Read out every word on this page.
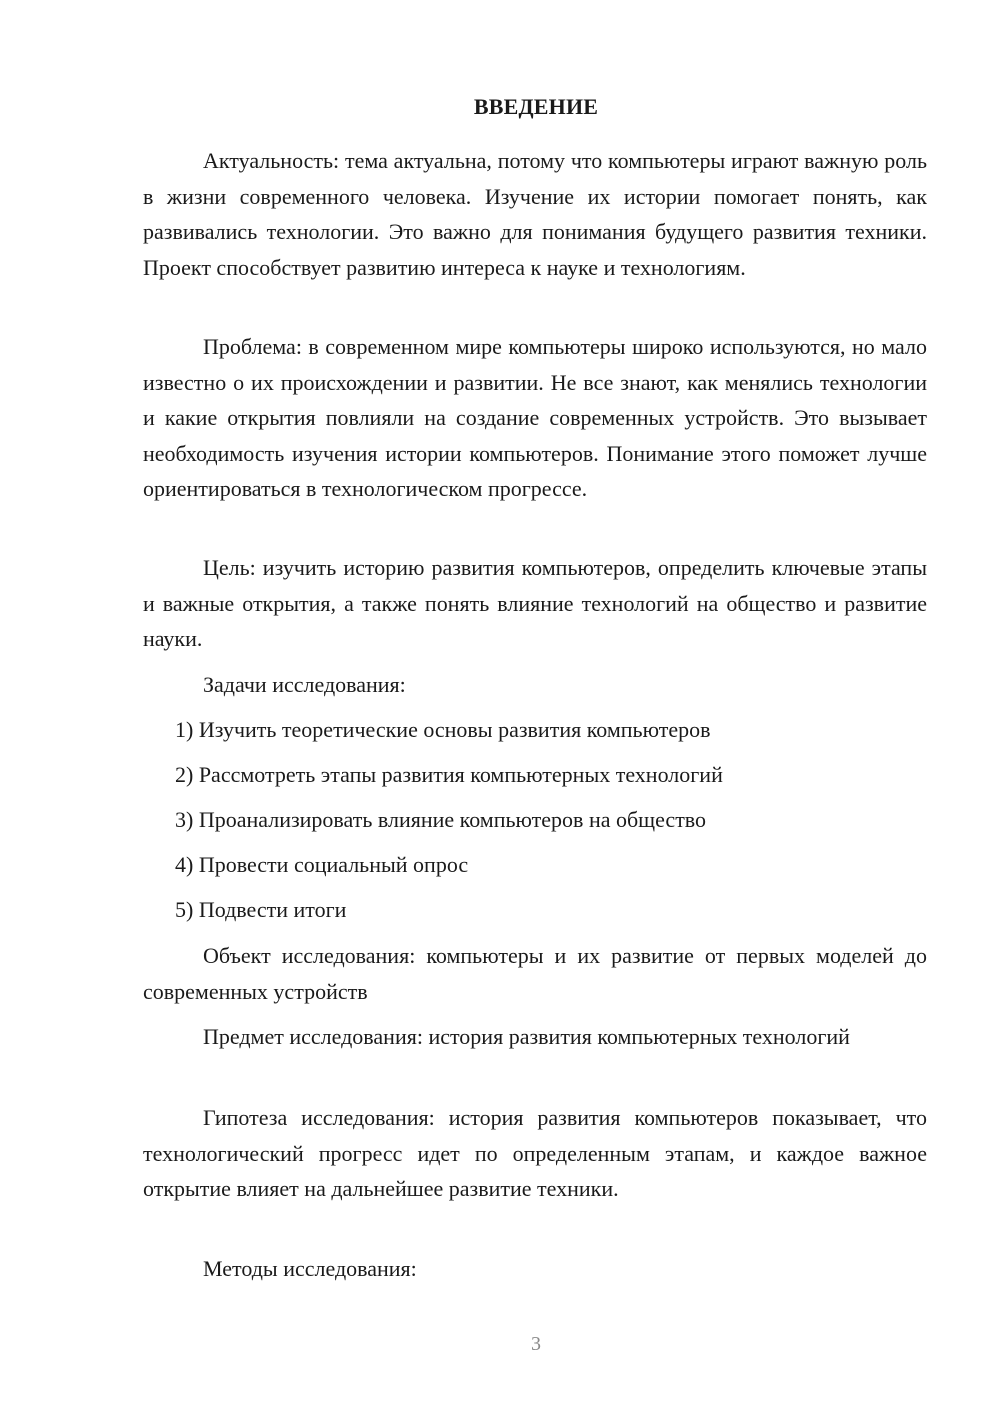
ВВЕДЕНИЕ

Актуальность: тема актуальна, потому что компьютеры играют важную роль в жизни современного человека. Изучение их истории помогает понять, как развивались технологии. Это важно для понимания будущего развития техники. Проект способствует развитию интереса к науке и технологиям.

Проблема: в современном мире компьютеры широко используются, но мало известно о их происхождении и развитии. Не все знают, как менялись технологии и какие открытия повлияли на создание современных устройств. Это вызывает необходимость изучения истории компьютеров. Понимание этого поможет лучше ориентироваться в технологическом прогрессе.

Цель: изучить историю развития компьютеров, определить ключевые этапы и важные открытия, а также понять влияние технологий на общество и развитие науки.

Задачи исследования:
1) Изучить теоретические основы развития компьютеров
2) Рассмотреть этапы развития компьютерных технологий
3) Проанализировать влияние компьютеров на общество
4) Провести социальный опрос
5) Подвести итоги

Объект исследования: компьютеры и их развитие от первых моделей до современных устройств

Предмет исследования: история развития компьютерных технологий

Гипотеза исследования: история развития компьютеров показывает, что технологический прогресс идет по определенным этапам, и каждое важное открытие влияет на дальнейшее развитие техники.

Методы исследования:
3
